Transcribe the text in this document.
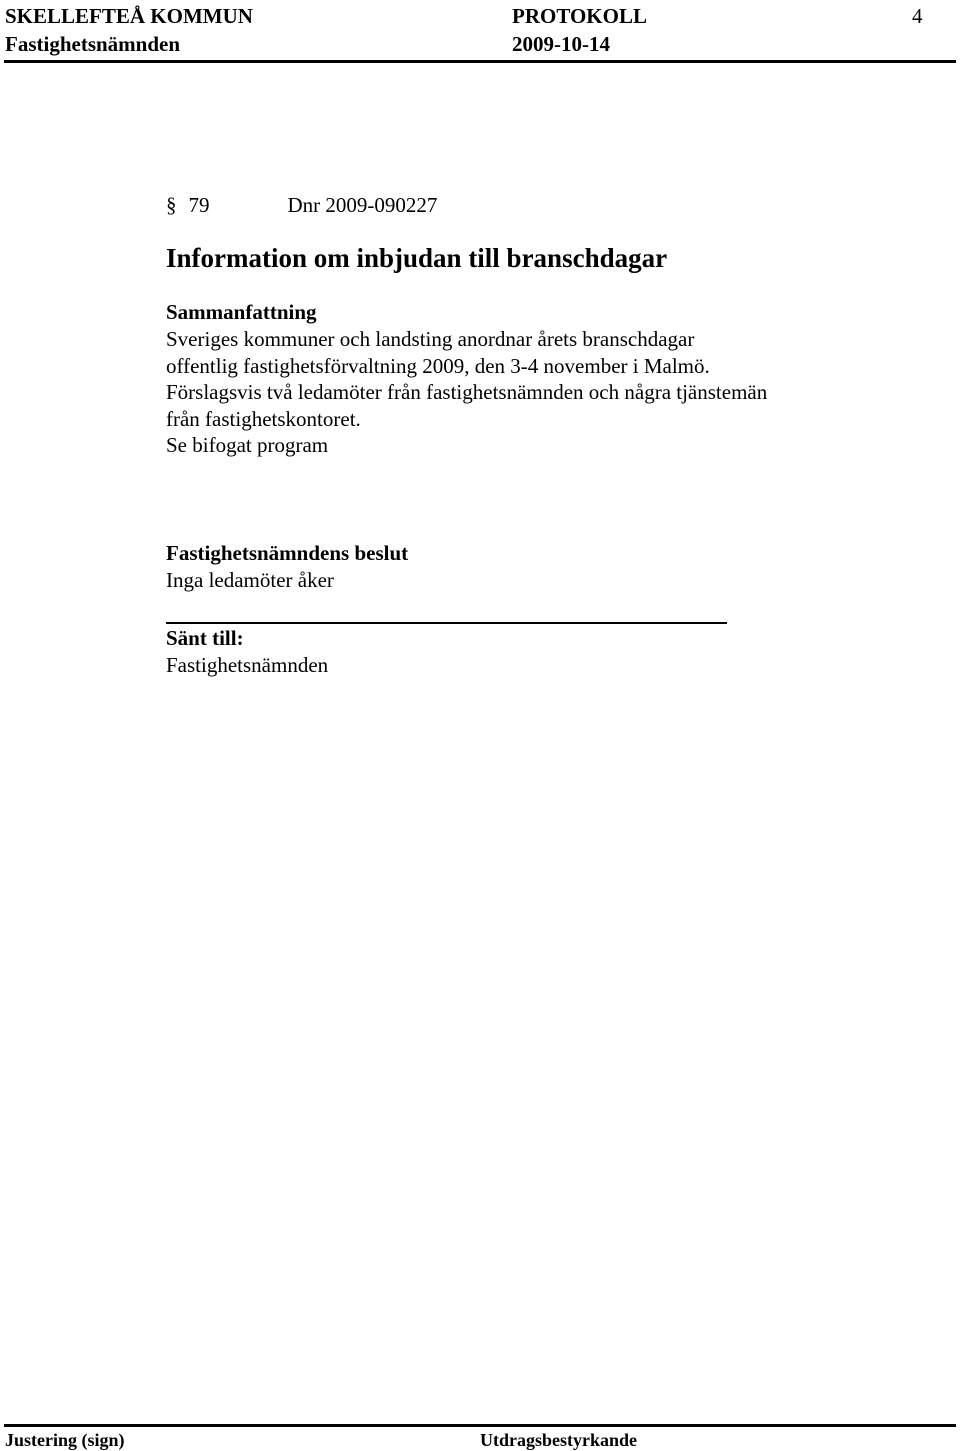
SKELLEFTEÅ KOMMUN	PROTOKOLL	4
Fastighetsnämnden	2009-10-14
§ 79	Dnr 2009-090227
Information om inbjudan till branschdagar
Sammanfattning
Sveriges kommuner och landsting anordnar årets branschdagar
offentlig fastighetsförvaltning 2009, den 3-4 november i Malmö.
Förslagsvis två ledamöter från fastighetsnämnden och några tjänstemän
från fastighetskontoret.
Se bifogat program
Fastighetsnämndens beslut
Inga ledamöter åker
Sänt till:
Fastighetsnämnden
Justering (sign)	Utdragsbestyrkande
